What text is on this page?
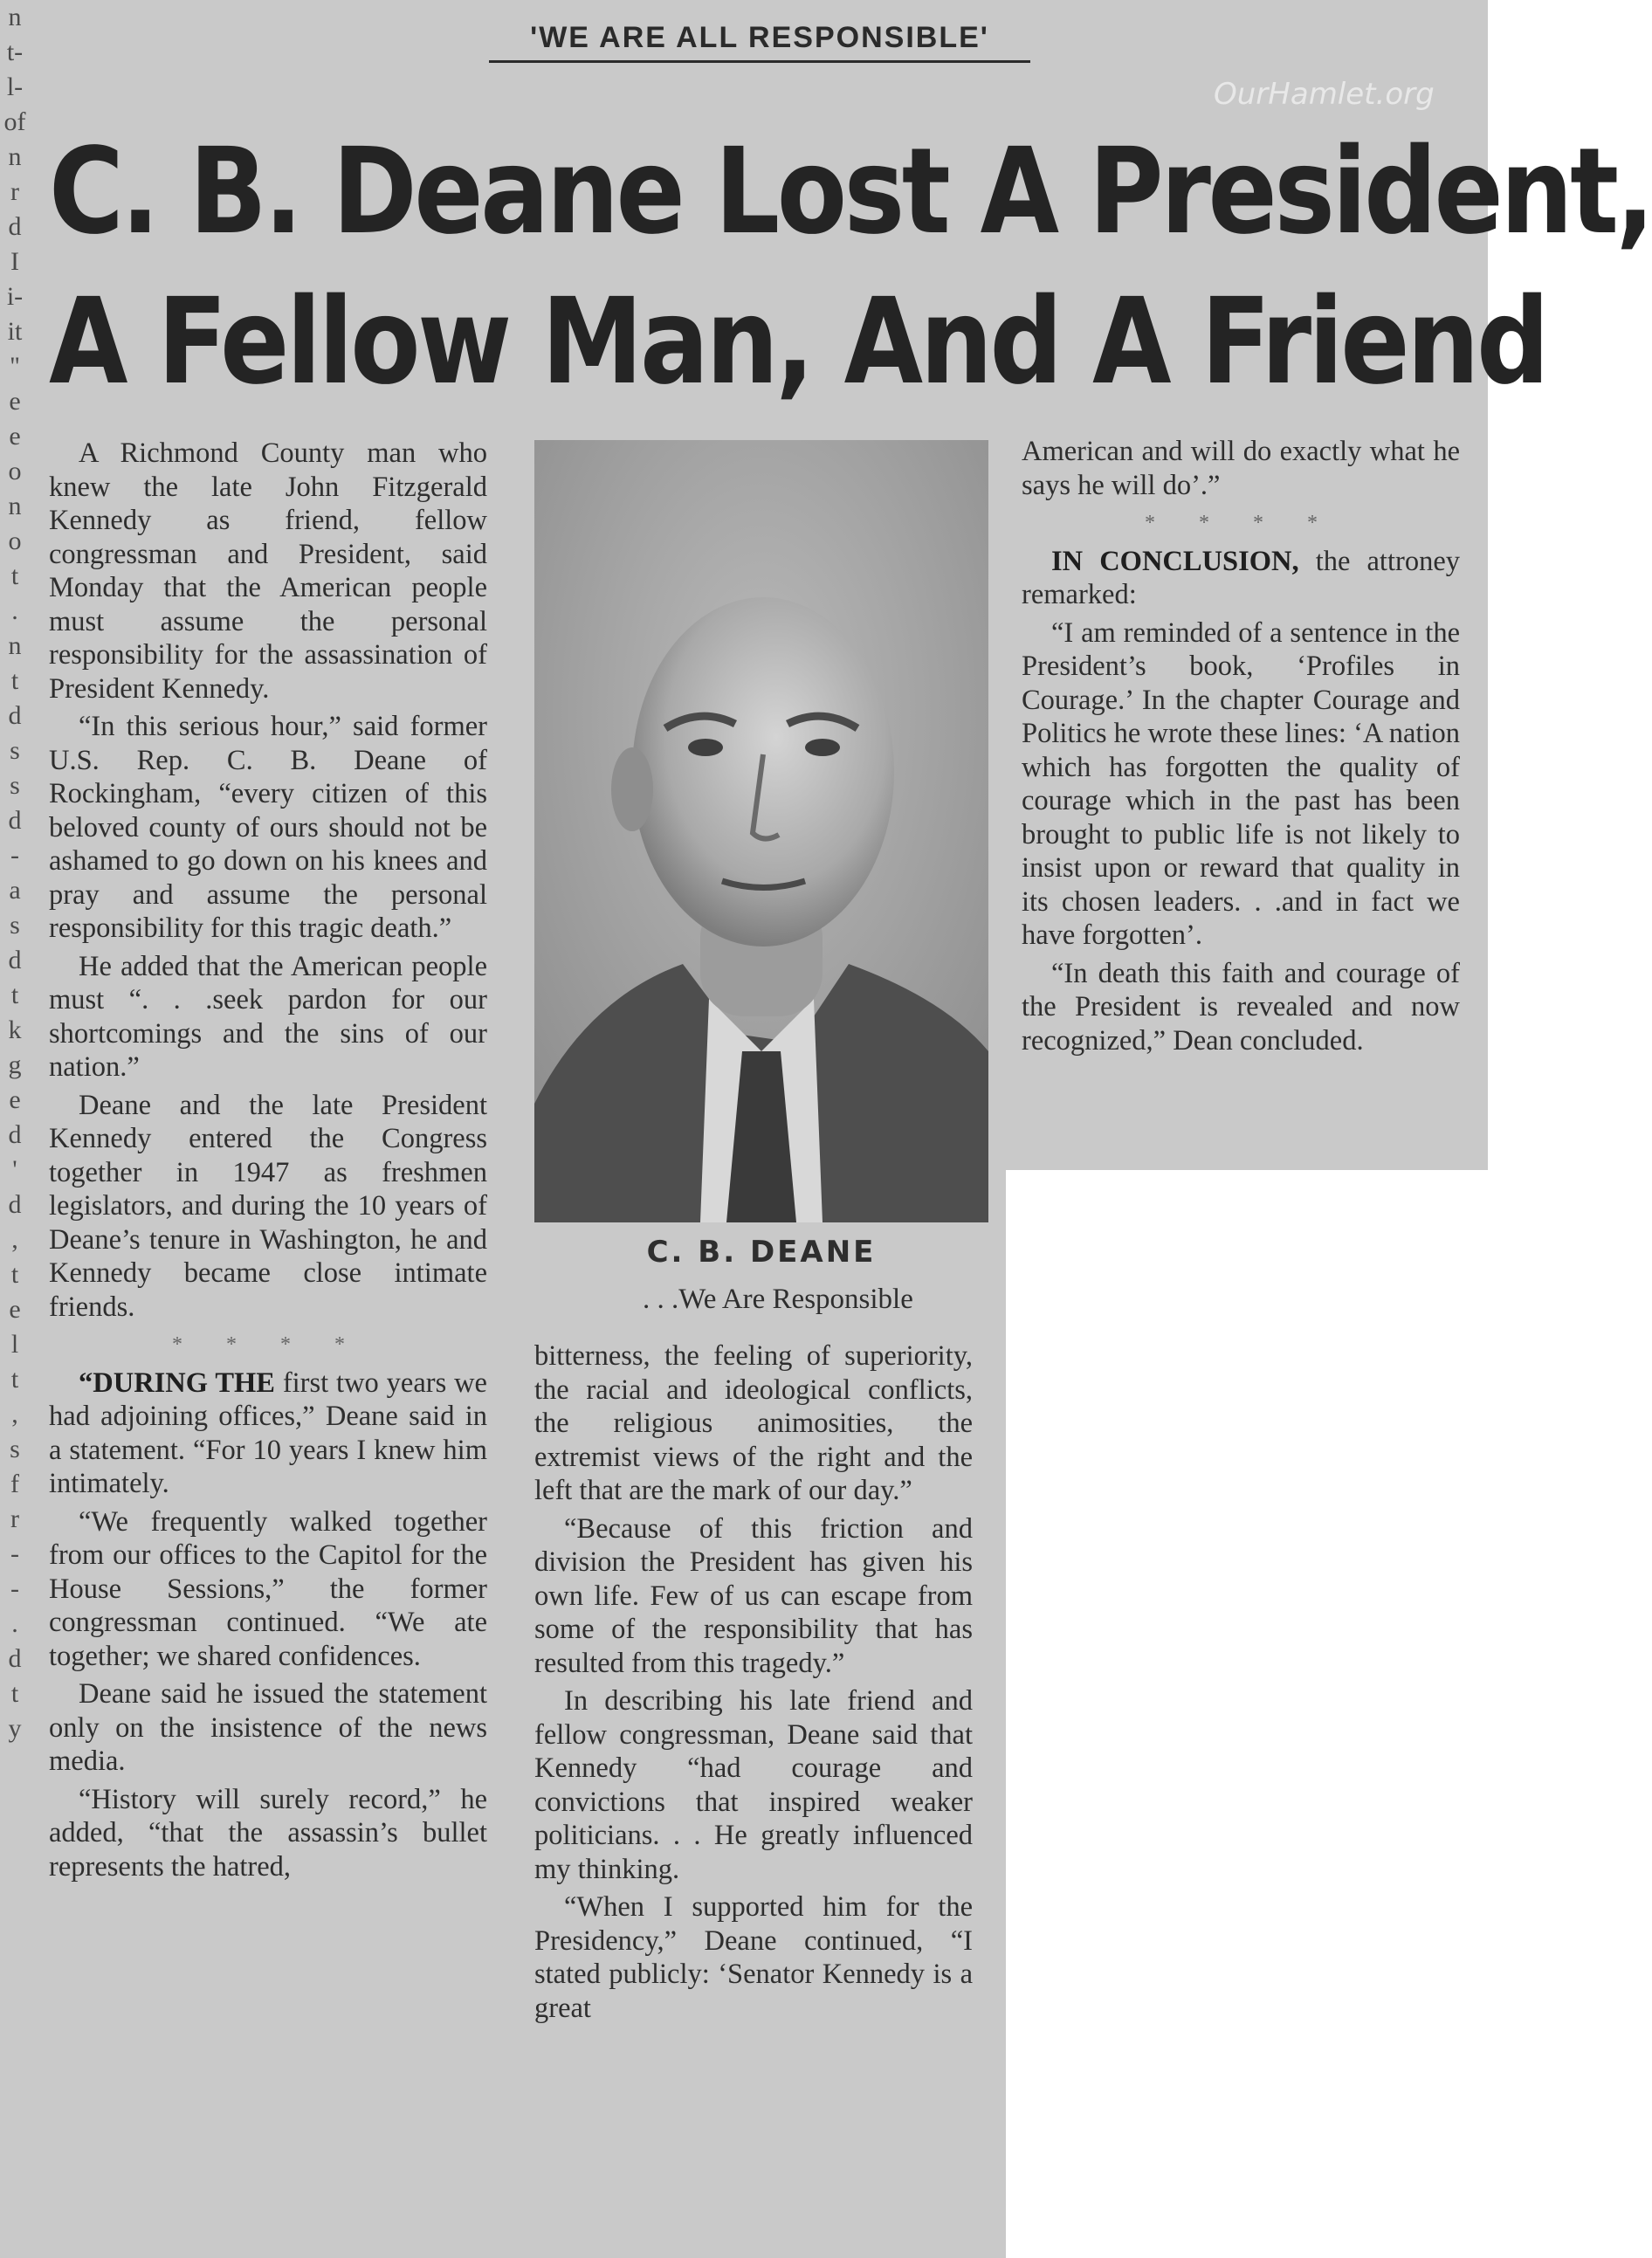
n
t-
l-
of
n
r
d
I
i-
it
''
e
e
o
n
o
t
.
n
t
d
s
s
d
-
a
s
d
t
k
g
e
d
'
d
,
t
e
l
t
,
s
f
r
-
-
.
d
t
y
'WE ARE ALL RESPONSIBLE'
OurHamlet.org
C. B. Deane Lost A President,
A Fellow Man, And A Friend

A Richmond County man who knew the late John Fitzgerald Kennedy as friend, fellow congressman and President, said Monday that the American people must assume the personal responsibility for the assassination of President Kennedy.

“In this serious hour,” said former U.S. Rep. C. B. Deane of Rockingham, “every citizen of this beloved county of ours should not be ashamed to go down on his knees and pray and assume the personal responsibility for this tragic death.”

He added that the American people must “. . .seek pardon for our shortcomings and the sins of our nation.”

Deane and the late President Kennedy entered the Congress together in 1947 as freshmen legislators, and during the 10 years of Deane’s tenure in Washington, he and Kennedy became close intimate friends.

* * * *

“DURING THE first two years we had adjoining offices,” Deane said in a statement. “For 10 years I knew him intimately.

“We frequently walked together from our offices to the Capitol for the House Sessions,” the former congressman continued. “We ate together; we shared confidences.

Deane said he issued the statement only on the insistence of the news media.

“History will surely record,” he added, “that the assassin’s bullet represents the hatred,

C. B. DEANE
. . .We Are Responsible

bitterness, the feeling of superiority, the racial and ideological conflicts, the religious animosities, the extremist views of the right and the left that are the mark of our day.”

“Because of this friction and division the President has given his own life. Few of us can escape from some of the responsibility that has resulted from this tragedy.”

In describing his late friend and fellow congressman, Deane said that Kennedy “had courage and convictions that inspired weaker politicians. . . He greatly influenced my thinking.

“When I supported him for the Presidency,” Deane continued, “I stated publicly: ‘Senator Kennedy is a great

American and will do exactly what he says he will do’.”

* * * *

IN CONCLUSION, the attroney remarked:

“I am reminded of a sentence in the President’s book, ‘Profiles in Courage.’ In the chapter Courage and Politics he wrote these lines: ‘A nation which has forgotten the quality of courage which in the past has been brought to public life is not likely to insist upon or reward that quality in its chosen leaders. . .and in fact we have forgotten’.

“In death this faith and courage of the President is revealed and now recognized,” Dean concluded.
